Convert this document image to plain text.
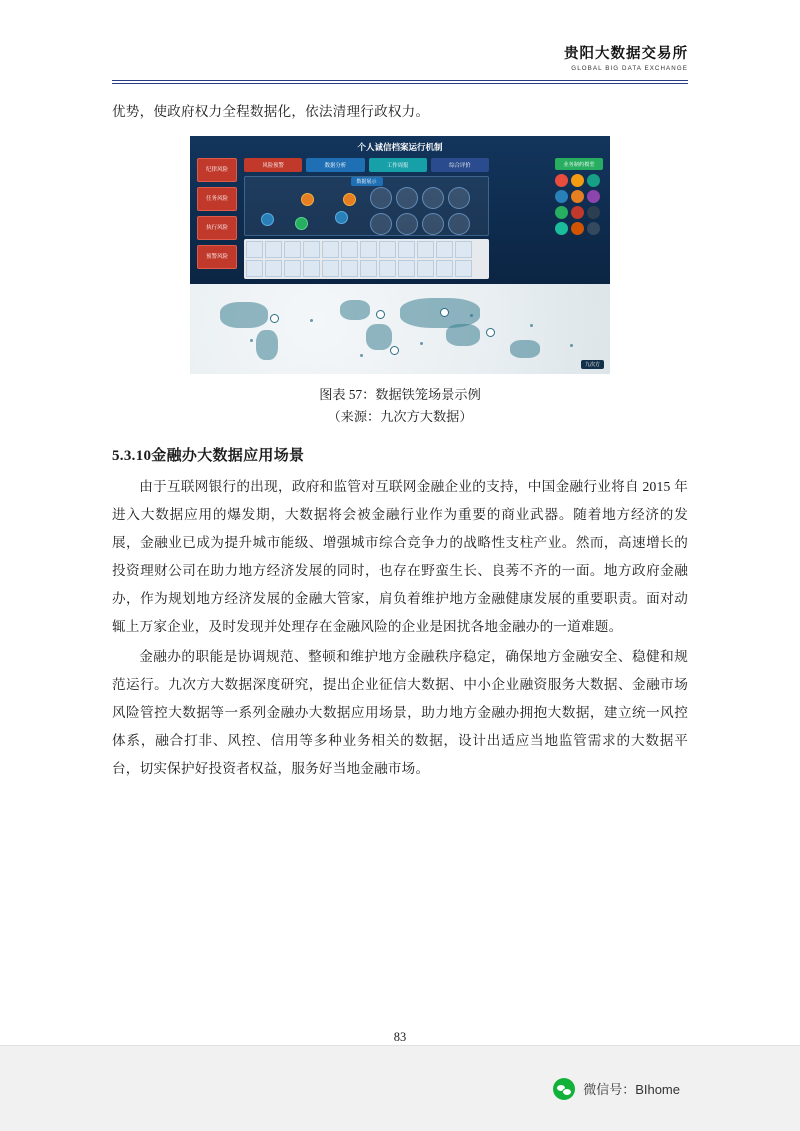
贵阳大数据交易所
GLOBAL BIG DATA EXCHANGE

优势，使政府权力全程数据化，依法清理行政权力。

个人诚信档案运行机制
纪律风险
任务风险
执行风险
预警风险
风险预警	数据分析	工作周报	综合评价
数据展示
业务制约模型
九次方
图表 57：数据铁笼场景示例
（来源：九次方大数据）
5.3.10金融办大数据应用场景

由于互联网银行的出现，政府和监管对互联网金融企业的支持，中国金融行业将自 2015 年进入大数据应用的爆发期，大数据将会被金融行业作为重要的商业武器。随着地方经济的发展，金融业已成为提升城市能级、增强城市综合竞争力的战略性支柱产业。然而，高速增长的投资理财公司在助力地方经济发展的同时，也存在野蛮生长、良莠不齐的一面。地方政府金融办，作为规划地方经济发展的金融大管家，肩负着维护地方金融健康发展的重要职责。面对动辄上万家企业，及时发现并处理存在金融风险的企业是困扰各地金融办的一道难题。

金融办的职能是协调规范、整顿和维护地方金融秩序稳定，确保地方金融安全、稳健和规范运行。九次方大数据深度研究，提出企业征信大数据、中小企业融资服务大数据、金融市场风险管控大数据等一系列金融办大数据应用场景，助力地方金融办拥抱大数据，建立统一风控体系，融合打非、风控、信用等多种业务相关的数据，设计出适应当地监管需求的大数据平台，切实保护好投资者权益，服务好当地金融市场。

83
微信号：BIhome
